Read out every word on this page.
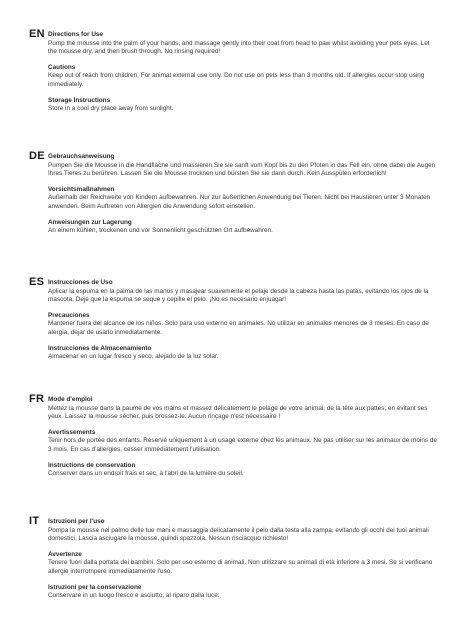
EN Directions for Use
Pump the mousse into the palm of your hands, and massage gently into their coat from head to paw whilst avoiding your pets eyes. Let the mousse dry, and then brush through. No rinsing required!
Cautions
Keep out of reach from children. For animal external use only. Do not use on pets less than 3 months old. If allergies occur stop using immediately.
Storage Instructions
Store in a cool dry place away from sunlight.
DE Gebrauchsanweisung
Pumpen Sie die Mousse in die Handfläche und massieren Sie sie sanft vom Kopf bis zu den Pfoten in das Fell ein, ohne dabei die Augen Ihres Tieres zu berühren. Lassen Sie die Mousse trocknen und bürsten Sie sie dann durch. Kein Ausspülen erforderlich!
Vorsichtsmaßnahmen
Außerhalb der Reichweite von Kindern aufbewahren. Nur zur äußerlichen Anwendung bei Tieren. Nicht bei Haustieren unter 3 Monaten anwenden. Beim Auftreten von Allergien die Anwendung sofort einstellen.
Anweisungen zur Lagerung
An einem kühlen, trockenen und vor Sonnenlicht geschützten Ort aufbewahren.
ES Instrucciones de Uso
Aplicar la espuma en la palma de las manos y masajear suavemente el pelaje desde la cabeza hasta las patas, evitando los ojos de la mascota. Deje que la espuma se seque y cepille el pelo. ¡No es necesario enjuagar!
Precauciones
Mantener fuera del alcance de los niños. Solo para uso externo en animales. No utilizar en animales menores de 3 meses. En caso de alergia, dejar de usarlo inmediatamente.
Instrucciones de Almacenamiento
Almacenar en un lugar fresco y seco, alejado de la luz solar.
FR Mode d'emploi
Mettez la mousse dans la paume de vos mains et massez délicatement le pelage de votre animal, de la tête aux pattes, en évitant ses yeux. Laissez la mousse sécher, puis brossez-le. Aucun rinçage n'est nécessaire !
Avertissements
Tenir hors de portée des enfants. Réservé uniquement à un usage externe chez les animaux. Ne pas utiliser sur les animaux de moins de 3 mois. En cas d'allergies, cesser immédiatement l'utilisation.
Instructions de conservation
Conserver dans un endroit frais et sec, à l'abri de la lumière du soleil.
IT	Istruzioni per l'uso
Pompa la mousse nel palmo delle tue mani e massaggia delicatamente il pelo dalla testa alla zampa, evitando gli occhi dei tuoi animali domestici. Lascia asciugare la mousse, quindi spazzola. Nessun risciacquo richiesto!
Avvertenze
Tenere fuori dalla portata dei bambini. Solo per uso esterno di animali. Non utilizzare su animali di età inferiore a 3 mesi. Se si verificano allergie interrompere immediatamente l'uso.
Istruzioni per la conservazione
Conservare in un luogo fresco e asciutto, al riparo dalla luce.
